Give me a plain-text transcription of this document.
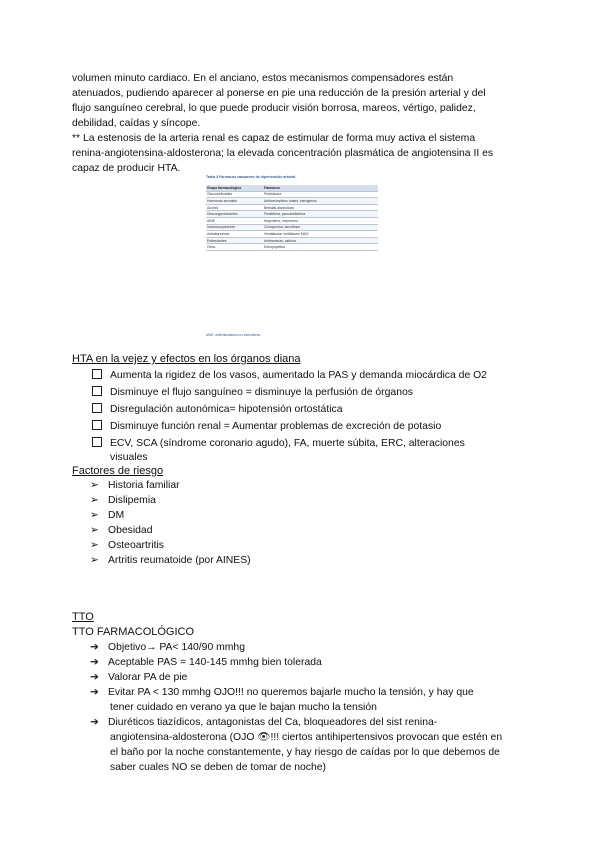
volumen minuto cardiaco. En el anciano, estos mecanismos compensadores están
atenuados, pudiendo aparecer al ponerse en pie una reducción de la presión arterial y del
flujo sanguíneo cerebral, lo que puede producir visión borrosa, mareos, vértigo, palidez,
debilidad, caídas y síncope.
** La estenosis de la arteria renal es capaz de estimular de forma muy activa el sistema
renina-angiotensina-aldosterona; la elevada concentración plasmática de angiotensina II es
capaz de producir HTA.
Tabla 3 Fármacos causantes de hipertensión arterial
Grupo farmacológico	Fármacos
Glucocorticoides	Prednisona
Hormonas sexuales	Anticonceptivos orales, estrógenos
Alcohol	Bebidas alcohólicas
Descongestionantes	Fenilefrina, pseudoefedrina
AINE	Ibuprofeno, naproxeno
Inmunosupresores	Ciclosporina, tacrolimus
Antidepresivos	Venlafaxina, inhibidores MAO
Estimulantes	Anfetaminas, cafeína
Otros	Eritropoyetina
AINE: antiinflamatorios no esteroideos
HTA en la vejez y efectos en los órganos diana
Aumenta la rigidez de los vasos, aumentado la PAS y demanda miocárdica de O2
Disminuye el flujo sanguíneo = disminuye la perfusión de órganos
Disregulación autonómica= hipotensión ortostática
Disminuye función renal = Aumentar problemas de excreción de potasio
ECV, SCA (síndrome coronario agudo), FA, muerte súbita, ERC, alteraciones
visuales
Factores de riesgo
➢ Historia familiar
➢ Dislipemia
➢ DM
➢ Obesidad
➢ Osteoartritis
➢ Artritis reumatoide (por AINES)
TTO
TTO FARMACOLÓGICO
➔ Objetivo→ PA< 140/90 mmhg
➔ Aceptable PAS = 140-145 mmhg bien tolerada
➔ Valorar PA de pie
➔ Evitar PA < 130 mmhg OJO!!! no queremos bajarle mucho la tensión, y hay que
tener cuidado en verano ya que le bajan mucho la tensión
➔ Diuréticos tiazídicos, antagonistas del Ca, bloqueadores del sist renina-
angiotensina-aldosterona (OJO 👁!!! ciertos antihipertensivos provocan que estén en
el baño por la noche constantemente, y hay riesgo de caídas por lo que debemos de
saber cuales NO se deben de tomar de noche)
